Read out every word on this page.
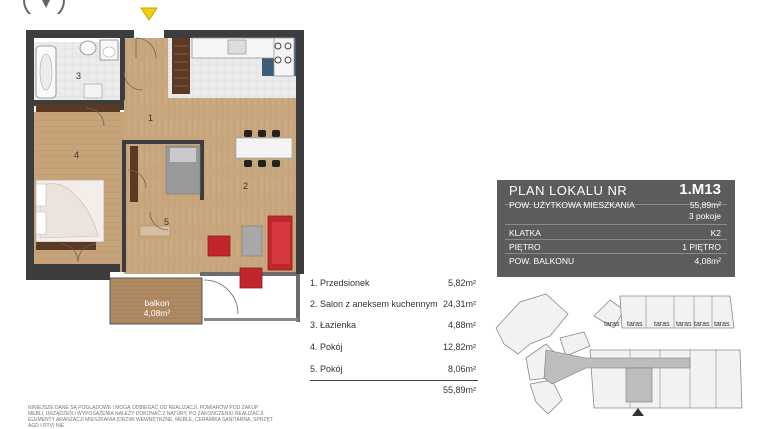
1
2
3
4
5
balkon
4,08m²
PLAN LOKALU NR	1.M13
POW. UŻYTKOWA MIESZKANIA	55,89m²
3 pokoje
KLATKA	K2
PIĘTRO	1 PIĘTRO
POW. BALKONU	4,08m²
1. Przedsionek	5,82m²
2. Salon z aneksem kuchennym 24,31m²
3. Łazienka	4,88m²
4. Pokój	12,82m²
5. Pokój	8,06m²
55,89m²
NINIEJSZE DANE SĄ POGLĄDOWE I MOGĄ ODBIEGAĆ OD REALIZACJI. POMIARÓW POD ZAKUP MEBLI, URZĄDZEŃ I WYPOSAŻENIA NALEŻY DOKONAĆ Z NATURY, PO ZAKOŃCZENIU REALIZACJI. ELEMENTY ARANŻACJI MIESZKANIA (DRZWI WEWNĘTRZNE, MEBLE, CERAMIKA SANITARNA, SPRZĘT AGD I RTV) NIE
taras taras taras taras taras taras
